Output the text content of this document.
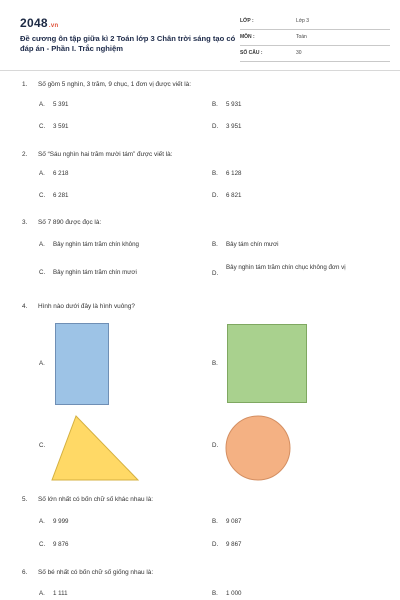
2048.vn
Đề cương ôn tập giữa kì 2 Toán lớp 3 Chân trời sáng tạo có đáp án - Phần I. Trắc nghiệm
LỚP :	Lớp 3
MÔN :	Toán
SỐ CÂU :	30
1. Số gồm 5 nghìn, 3 trăm, 9 chục, 1 đơn vị được viết là:
A. 5 391	B. 5 931
C. 3 591	D. 3 951
2. Số “Sáu nghìn hai trăm mười tám” được viết là:
A. 6 218	B. 6 128
C. 6 281	D. 6 821
3. Số 7 890 được đọc là:
A. Bảy nghìn tám trăm chín không	B. Bảy tám chín mươi
C. Bảy nghìn tám trăm chín mươi	D.
Bảy nghìn tám trăm chín chục không đơn vị
4. Hình nào dưới đây là hình vuông?
A.	B.
C.	D.
5. Số lớn nhất có bốn chữ số khác nhau là:
A. 9 999	B. 9 087
C. 9 876	D. 9 867
6. Số bé nhất có bốn chữ số giống nhau là:
A. 1 111	B. 1 000
